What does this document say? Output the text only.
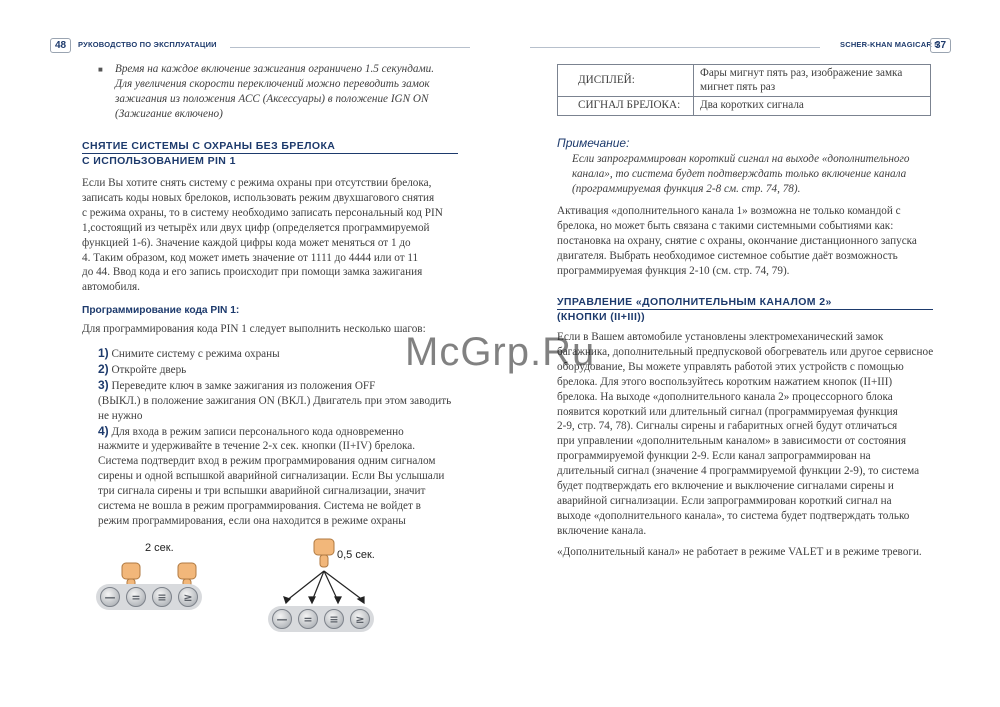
48	РУКОВОДСТВО ПО ЭКСПЛУАТАЦИИ
■ Время на каждое включение зажигания ограничено 1.5 секундами.
Для увеличения скорости переключений можно переводить замок
зажигания из положения АСС (Аксессуары) в положение IGN ON
(Зажигание включено)
СНЯТИЕ СИСТЕМЫ С ОХРАНЫ БЕЗ БРЕЛОКА
С ИСПОЛЬЗОВАНИЕМ PIN 1
Если Вы хотите снять систему с режима охраны при отсутствии брелока,
записать коды новых брелоков, использовать режим двухшагового снятия
с режима охраны, то в систему необходимо записать персональный код PIN
1,состоящий из четырёх или двух цифр (определяется программируемой
функцией 1-6). Значение каждой цифры кода может меняться от 1 до
4. Таким образом, код может иметь значение от 1111 до 4444 или от 11
до 44. Ввод кода и его запись происходит при помощи замка зажигания
автомобиля.
Программирование кода PIN 1:
Для программирования кода PIN 1 следует выполнить несколько шагов:
1) Снимите систему с режима охраны
2) Откройте дверь
3) Переведите ключ в замке зажигания из положения OFF
(ВЫКЛ.) в положение зажигания ON (ВКЛ.) Двигатель при этом заводить
не нужно
4) Для входа в режим записи персонального кода одновременно
нажмите и удерживайте в течение 2-х сек. кнопки (II+IV) брелока.
Система подтвердит вход в режим программирования одним сигналом
сирены и одной вспышкой аварийной сигнализации. Если Вы услышали
три сигнала сирены и три вспышки аварийной сигнализации, значит
система не вошла в режим программирования. Система не войдет в
режим программирования, если она находится в режиме охраны
2 сек.
—	=	≡	≥
0,5 сек.
—	=	≡	≥
SCHER-KHAN MAGICAR 5
37
ДИСПЛЕЙ:	Фары мигнут пять раз, изображение замка
мигнет пять раз

СИГНАЛ БРЕЛОКА:	Два коротких сигнала
Примечание:
Если запрограммирован короткий сигнал на выходе «дополнительного
канала», то система будет подтверждать только включение канала
(программируемая функция 2-8 см. стр. 74, 78).
Активация «дополнительного канала 1» возможна не только командой с
брелока, но может быть связана с такими системными событиями как:
постановка на охрану, снятие с охраны, окончание дистанционного запуска
двигателя. Выбрать необходимое системное событие даёт возможность
программируемая функция 2-10 (см. стр. 74, 79).
УПРАВЛЕНИЕ «ДОПОЛНИТЕЛЬНЫМ КАНАЛОМ 2»
(КНОПКИ (II+III))
Если в Вашем автомобиле установлены электромеханический замок
багажника, дополнительный предпусковой обогреватель или другое сервисное
оборудование, Вы можете управлять работой этих устройств с помощью
брелока. Для этого воспользуйтесь коротким нажатием кнопок (II+III)
брелока. На выходе «дополнительного канала 2» процессорного блока
появится короткий или длительный сигнал (программируемая функция
2-9, стр. 74, 78). Сигналы сирены и габаритных огней будут отличаться
при управлении «дополнительным каналом» в зависимости от состояния
программируемой функции 2-9. Если канал запрограммирован на
длительный сигнал (значение 4 программируемой функции 2-9), то система
будет подтверждать его включение и выключение сигналами сирены и
аварийной сигнализации. Если запрограммирован короткий сигнал на
выходе «дополнительного канала», то система будет подтверждать только
включение канала.
«Дополнительный канал» не работает в режиме VALET и в режиме тревоги.
McGrp.Ru
